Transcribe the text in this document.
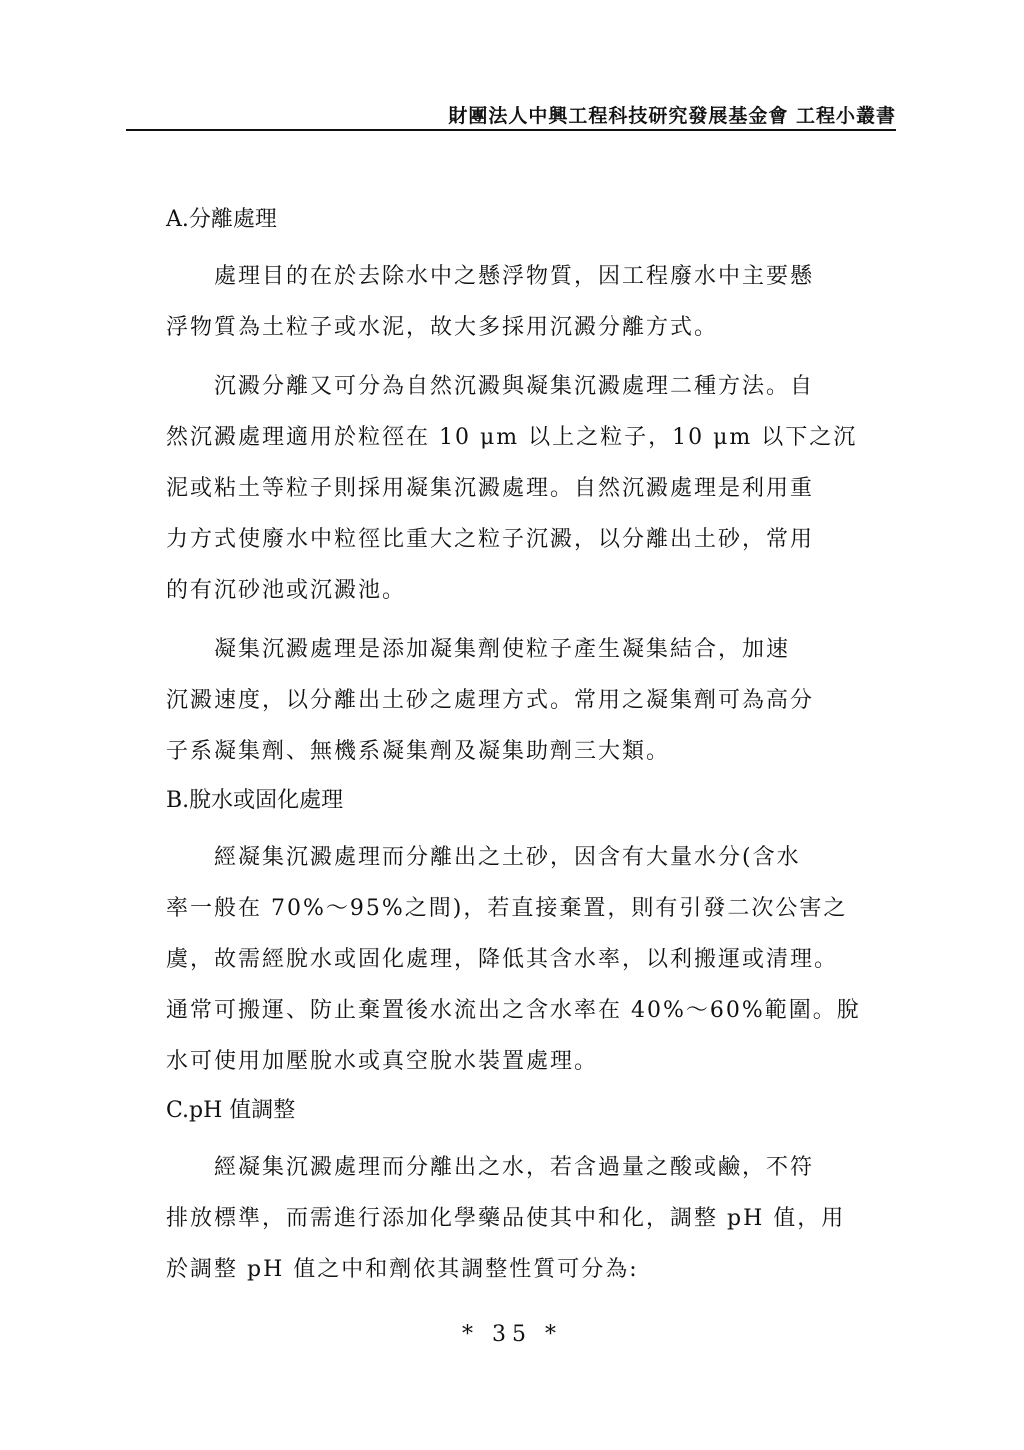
財團法人中興工程科技研究發展基金會 工程小叢書
A.分離處理

　　處理目的在於去除水中之懸浮物質，因工程廢水中主要懸
浮物質為土粒子或水泥，故大多採用沉澱分離方式。

　　沉澱分離又可分為自然沉澱與凝集沉澱處理二種方法。自
然沉澱處理適用於粒徑在 10 μm 以上之粒子，10 μm 以下之沉
泥或粘土等粒子則採用凝集沉澱處理。自然沉澱處理是利用重
力方式使廢水中粒徑比重大之粒子沉澱，以分離出土砂，常用
的有沉砂池或沉澱池。

　　凝集沉澱處理是添加凝集劑使粒子產生凝集結合，加速
沉澱速度，以分離出土砂之處理方式。常用之凝集劑可為高分
子系凝集劑、無機系凝集劑及凝集助劑三大類。

B.脫水或固化處理

　　經凝集沉澱處理而分離出之土砂，因含有大量水分(含水
率一般在 70%～95%之間)，若直接棄置，則有引發二次公害之
虞，故需經脫水或固化處理，降低其含水率，以利搬運或清理。
通常可搬運、防止棄置後水流出之含水率在 40%～60%範圍。脫
水可使用加壓脫水或真空脫水裝置處理。

C.pH 值調整

　　經凝集沉澱處理而分離出之水，若含過量之酸或鹼，不符
排放標準，而需進行添加化學藥品使其中和化，調整 pH 值，用
於調整 pH 值之中和劑依其調整性質可分為:

* 35 *
